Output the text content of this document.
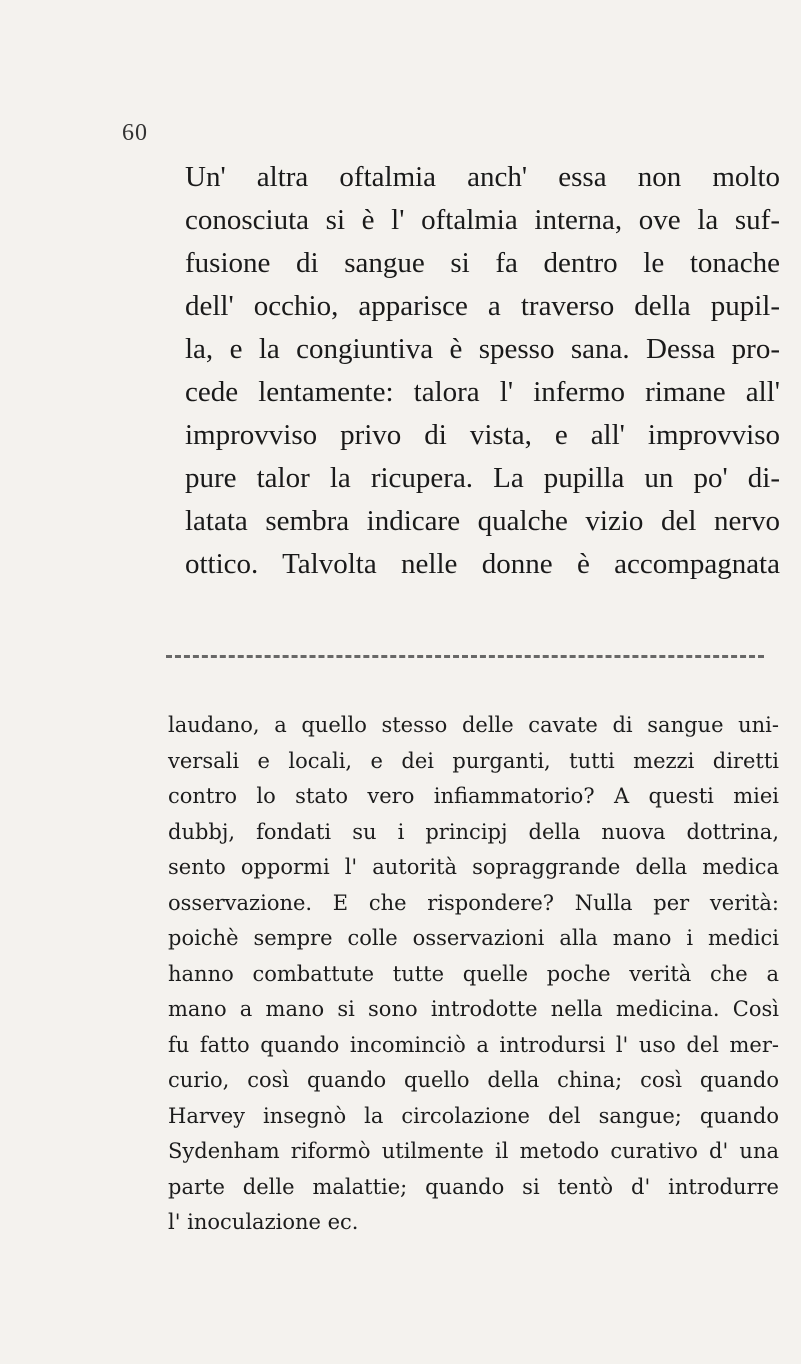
60
Un' altra oftalmia anch' essa non molto
conosciuta si è l' oftalmia interna, ove la suf-
fusione di sangue si fa dentro le tonache
dell' occhio, apparisce a traverso della pupil-
la, e la congiuntiva è spesso sana. Dessa pro-
cede lentamente: talora l' infermo rimane all'
improvviso privo di vista, e all' improvviso
pure talor la ricupera. La pupilla un po' di-
latata sembra indicare qualche vizio del nervo
ottico. Talvolta nelle donne è accompagnata
laudano, a quello stesso delle cavate di sangue uni-
versali e locali, e dei purganti, tutti mezzi diretti
contro lo stato vero infiammatorio? A questi miei
dubbj, fondati su i principj della nuova dottrina,
sento oppormi l' autorità sopraggrande della medica
osservazione. E che rispondere? Nulla per verità:
poichè sempre colle osservazioni alla mano i medici
hanno combattute tutte quelle poche verità che a
mano a mano si sono introdotte nella medicina. Così
fu fatto quando incominciò a introdursi l' uso del mer-
curio, così quando quello della china; così quando
Harvey insegnò la circolazione del sangue; quando
Sydenham riformò utilmente il metodo curativo d' una
parte delle malattie; quando si tentò d' introdurre
l' inoculazione ec.
